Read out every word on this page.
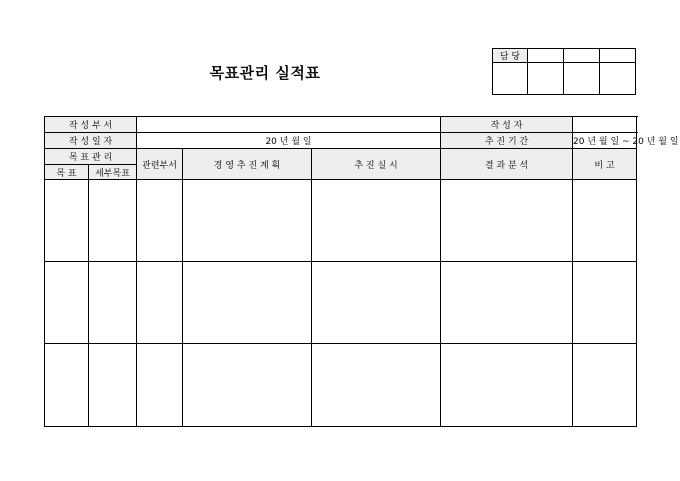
목표관리 실적표
담 당			

작 성 부 서					작 성 자	
작 성 일 자		20 년 월 일			추 진 기 간	20 년 월 일 ~ 20 년 월 일
목 표 관 리		관련부서	경 영 추 진 계 획	추 진 실 시	결 과 분 석	비 고
목 표	세부목표					
